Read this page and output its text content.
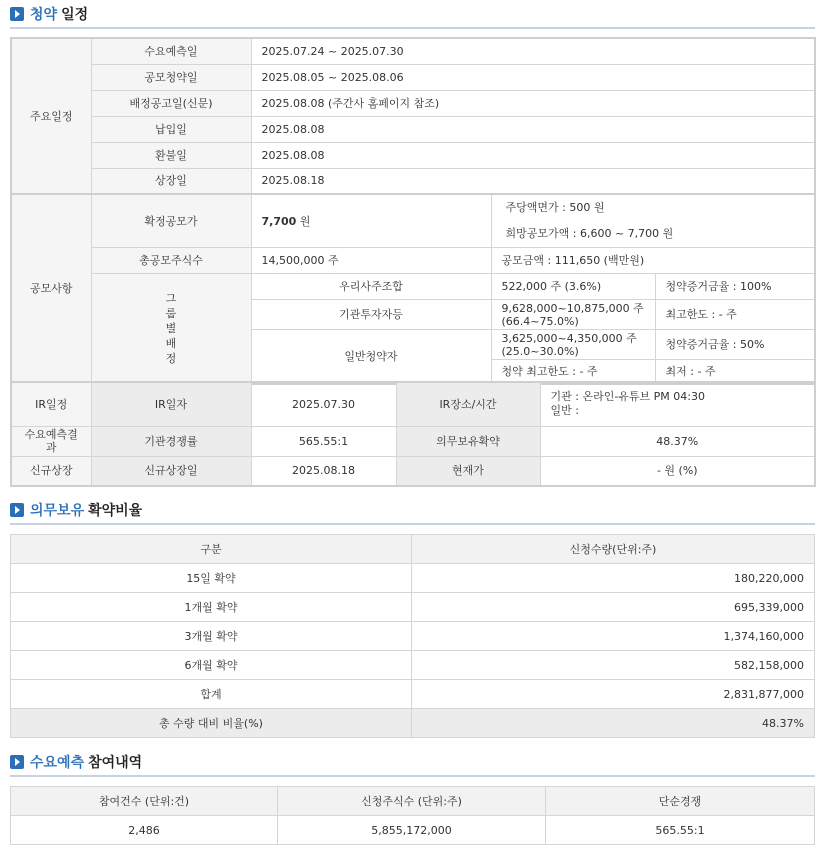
청약 일정
주요일정	수요예측일	2025.07.24 ~ 2025.07.30
	공모청약일	2025.08.05 ~ 2025.08.06
	배정공고일(신문)	2025.08.08 (주간사 홈페이지 참조)
	납입일	2025.08.08
	환불일	2025.08.08
	상장일	2025.08.18
공모사항	확정공모가	7,700 원	주당액면가 : 500 원
희망공모가액 : 6,600 ~ 7,700 원	

	총공모주식수	14,500,000 주	공모금액 : 111,650 (백만원)	

	그룹별배정	우리사주조합	522,000 주 (3.6%)	청약증거금율 : 100%
		기관투자자등	9,628,000~10,875,000 주 (66.4~75.0%)	최고한도 : - 주
		일반청약자	3,625,000~4,350,000 주 (25.0~30.0%)	청약증거금율 : 50%
			청약 최고한도 : - 주	최저 : - 주
IR일정	IR일자	2025.07.30	IR장소/시간	기관 : 온라인-유튜브 PM 04:30
일반 :

수요예측결과	기관경쟁률	565.55:1	의무보유확약	48.37%
신규상장	신규상장일	2025.08.18	현재가	- 원 (%)
의무보유 확약비율
구분	신청수량(단위:주)
15일 확약	180,220,000
1개월 확약	695,339,000
3개월 확약	1,374,160,000
6개월 확약	582,158,000
합계	2,831,877,000
총 수량 대비 비율(%)	48.37%
수요예측 참여내역
참여건수 (단위:건)	신청주식수 (단위:주)	단순경쟁
2,486	5,855,172,000	565.55:1
